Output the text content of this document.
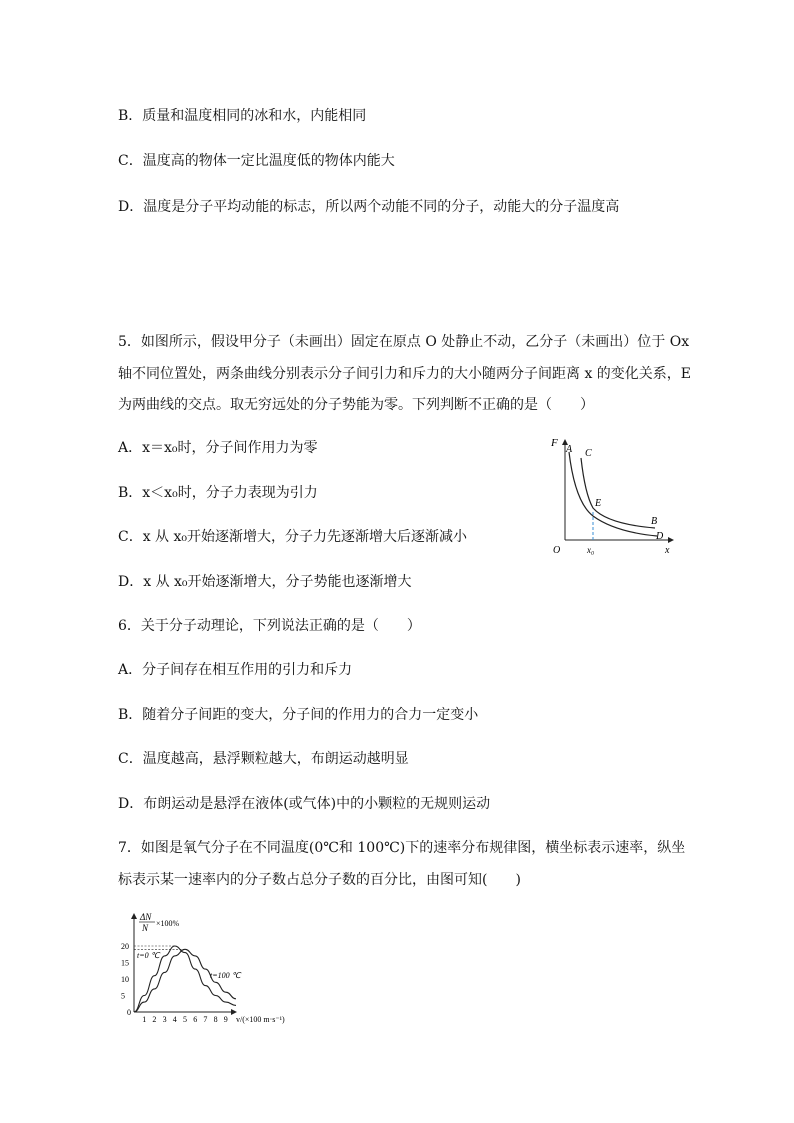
B．质量和温度相同的冰和水，内能相同
C．温度高的物体一定比温度低的物体内能大
D．温度是分子平均动能的标志，所以两个动能不同的分子，动能大的分子温度高
5．如图所示，假设甲分子（未画出）固定在原点 O 处静止不动，乙分子（未画出）位于 Ox
轴不同位置处，两条曲线分别表示分子间引力和斥力的大小随两分子间距离 x 的变化关系，E
为两曲线的交点。取无穷远处的分子势能为零。下列判断不正确的是（　　）
A．x＝x₀时，分子间作用力为零
B．x＜x₀时，分子力表现为引力
C．x 从 x₀开始逐渐增大，分子力先逐渐增大后逐渐减小
D．x 从 x₀开始逐渐增大，分子势能也逐渐增大
F
A C
E
B
D
O	x₀	x
6．关于分子动理论，下列说法正确的是（　　）
A．分子间存在相互作用的引力和斥力
B．随着分子间距的变大，分子间的作用力的合力一定变小
C．温度越高，悬浮颗粒越大，布朗运动越明显
D．布朗运动是悬浮在液体(或气体)中的小颗粒的无规则运动
7．如图是氧气分子在不同温度(0℃和 100℃)下的速率分布规律图，横坐标表示速率，纵坐
标表示某一速率内的分子数占总分子数的百分比，由图可知(　　)
ΔN
N ×100%
v/(×100 m·s⁻¹)
1 2 3 4 5 6 7 8 9
0
5
10
15
20
t=0 ℃
t=100 ℃
